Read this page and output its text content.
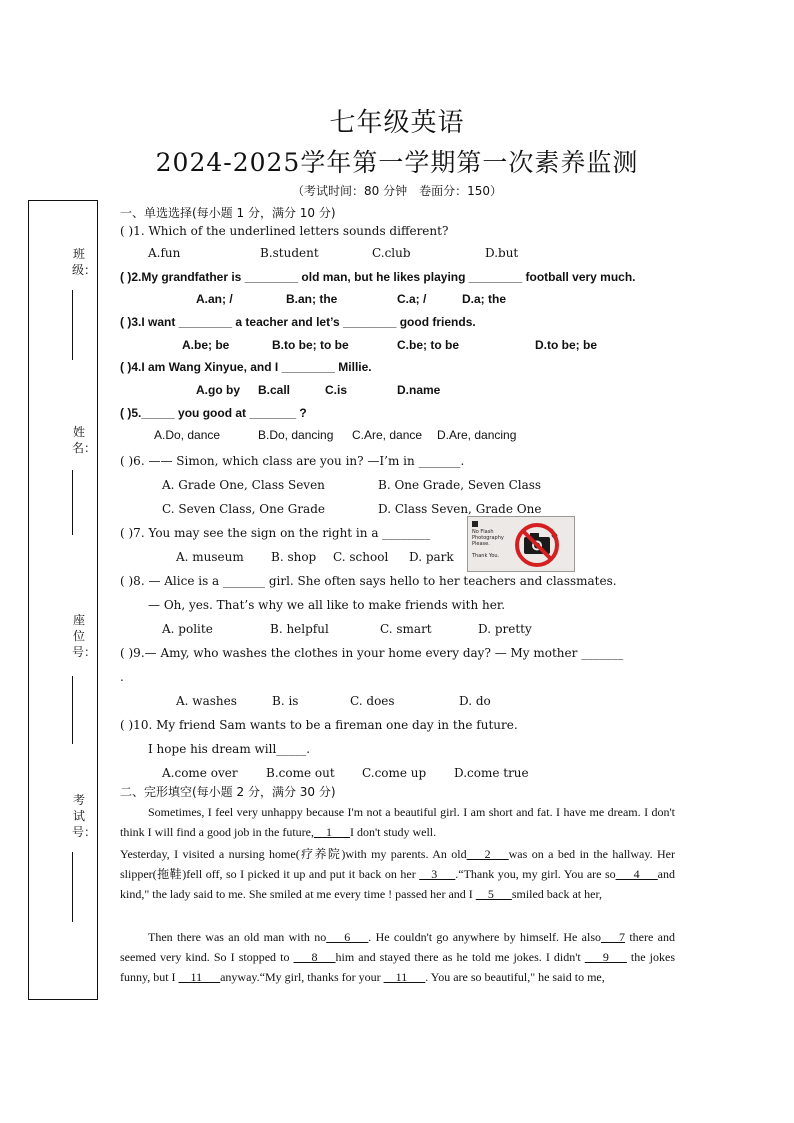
七年级英语
2024-2025学年第一学期第一次素养监测
（考试时间：80 分钟　卷面分：150）
班级：
姓名：
座位号：
考试号：
一、单选选择(每小题 1 分，满分 10 分)
( )1. Which of the underlined letters sounds different?
A.fun	B.student	C.club	D.but
( )2.My grandfather is ________ old man, but he likes playing ________ football very much.
A.an; /	B.an; the	C.a; /	D.a; the
( )3.I want ________ a teacher and let’s ________ good friends.
A.be; be	B.to be; to be	C.be; to be	D.to be; be
( )4.I am Wang Xinyue, and I ________ Millie.
A.go by B.call	C.is	D.name
( )5._____ you good at _______ ?
A.Do, dance	B.Do, dancing C.Are, dance D.Are, dancing
( )6. —— Simon, which class are you in? —I’m in _______.
A. Grade One, Class Seven	B. One Grade, Seven Class
C. Seven Class, One Grade	D. Class Seven, Grade One
( )7. You may see the sign on the right in a ________
A. museum B. shop C. school D. park
No Flash
Photography
Please.

Thank You.
( )8. — Alice is a _______ girl. She often says hello to her teachers and classmates.
— Oh, yes. That’s why we all like to make friends with her.
A. polite	B. helpful	C. smart	D. pretty
( )9.— Amy, who washes the clothes in your home every day? — My mother _______
.
A. washes	B. is	C. does	D. do
( )10. My friend Sam wants to be a fireman one day in the future.
I hope his dream will_____.
A.come over B.come out C.come up D.come true
二、完形填空(每小题 2 分，满分 30 分)
Sometimes, I feel very unhappy because I'm not a beautiful girl. I am short and fat. I have me dream. I don't think I will find a good job in the future,__1___I don't study well.
Yesterday, I visited a nursing home(疗养院)with my parents. An old___2___was on a bed in the hallway. Her slipper(拖鞋)fell off, so I picked it up and put it back on her __3___.“Thank you, my girl. You are so___4___and kind," the lady said to me. She smiled at me every time ! passed her and I __5___smiled back at her,
Then there was an old man with no___6___. He couldn't go anywhere by himself. He also___7 there and seemed very kind. So I stopped to ___8___him and stayed there as he told me jokes. I didn't ___9___ the jokes funny, but I __11___anyway.“My girl, thanks for your __11___. You are so beautiful," he said to me,
